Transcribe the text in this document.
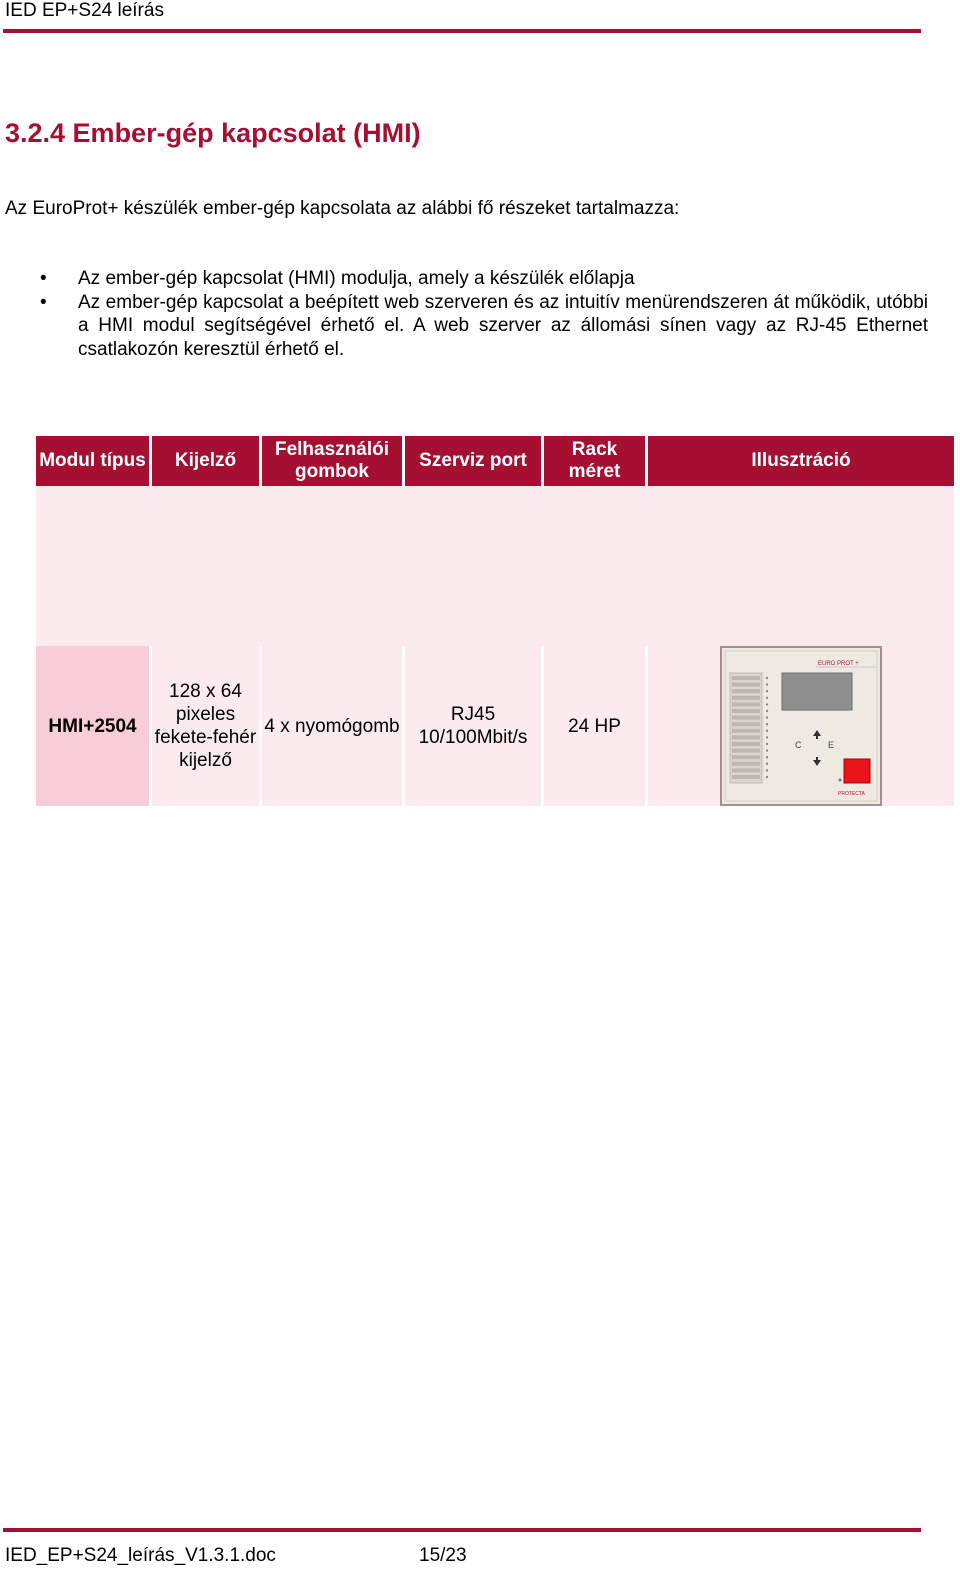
IED EP+S24 leírás
3.2.4 Ember-gép kapcsolat (HMI)
Az EuroProt+ készülék ember-gép kapcsolata az alábbi fő részeket tartalmazza:
• Az ember-gép kapcsolat (HMI) modulja, amely a készülék előlapja
• Az ember-gép kapcsolat a beépített web szerveren és az intuitív menürendszeren át működik, utóbbi a HMI modul segítségével érhető el. A web szerver az állomási sínen vagy az RJ-45 Ethernet csatlakozón keresztül érhető el.
Modul típus	Kijelző	Felhasználói gombok	Szerviz port	Rack méret	Illusztráció

HMI+2504	128 x 64 pixeles fekete-fehér kijelző	4 x nyomógomb	RJ45 10/100Mbit/s	24 HP	EURO PROT +
C E
PROTECTA
IED_EP+S24_leírás_V1.3.1.doc	15/23
